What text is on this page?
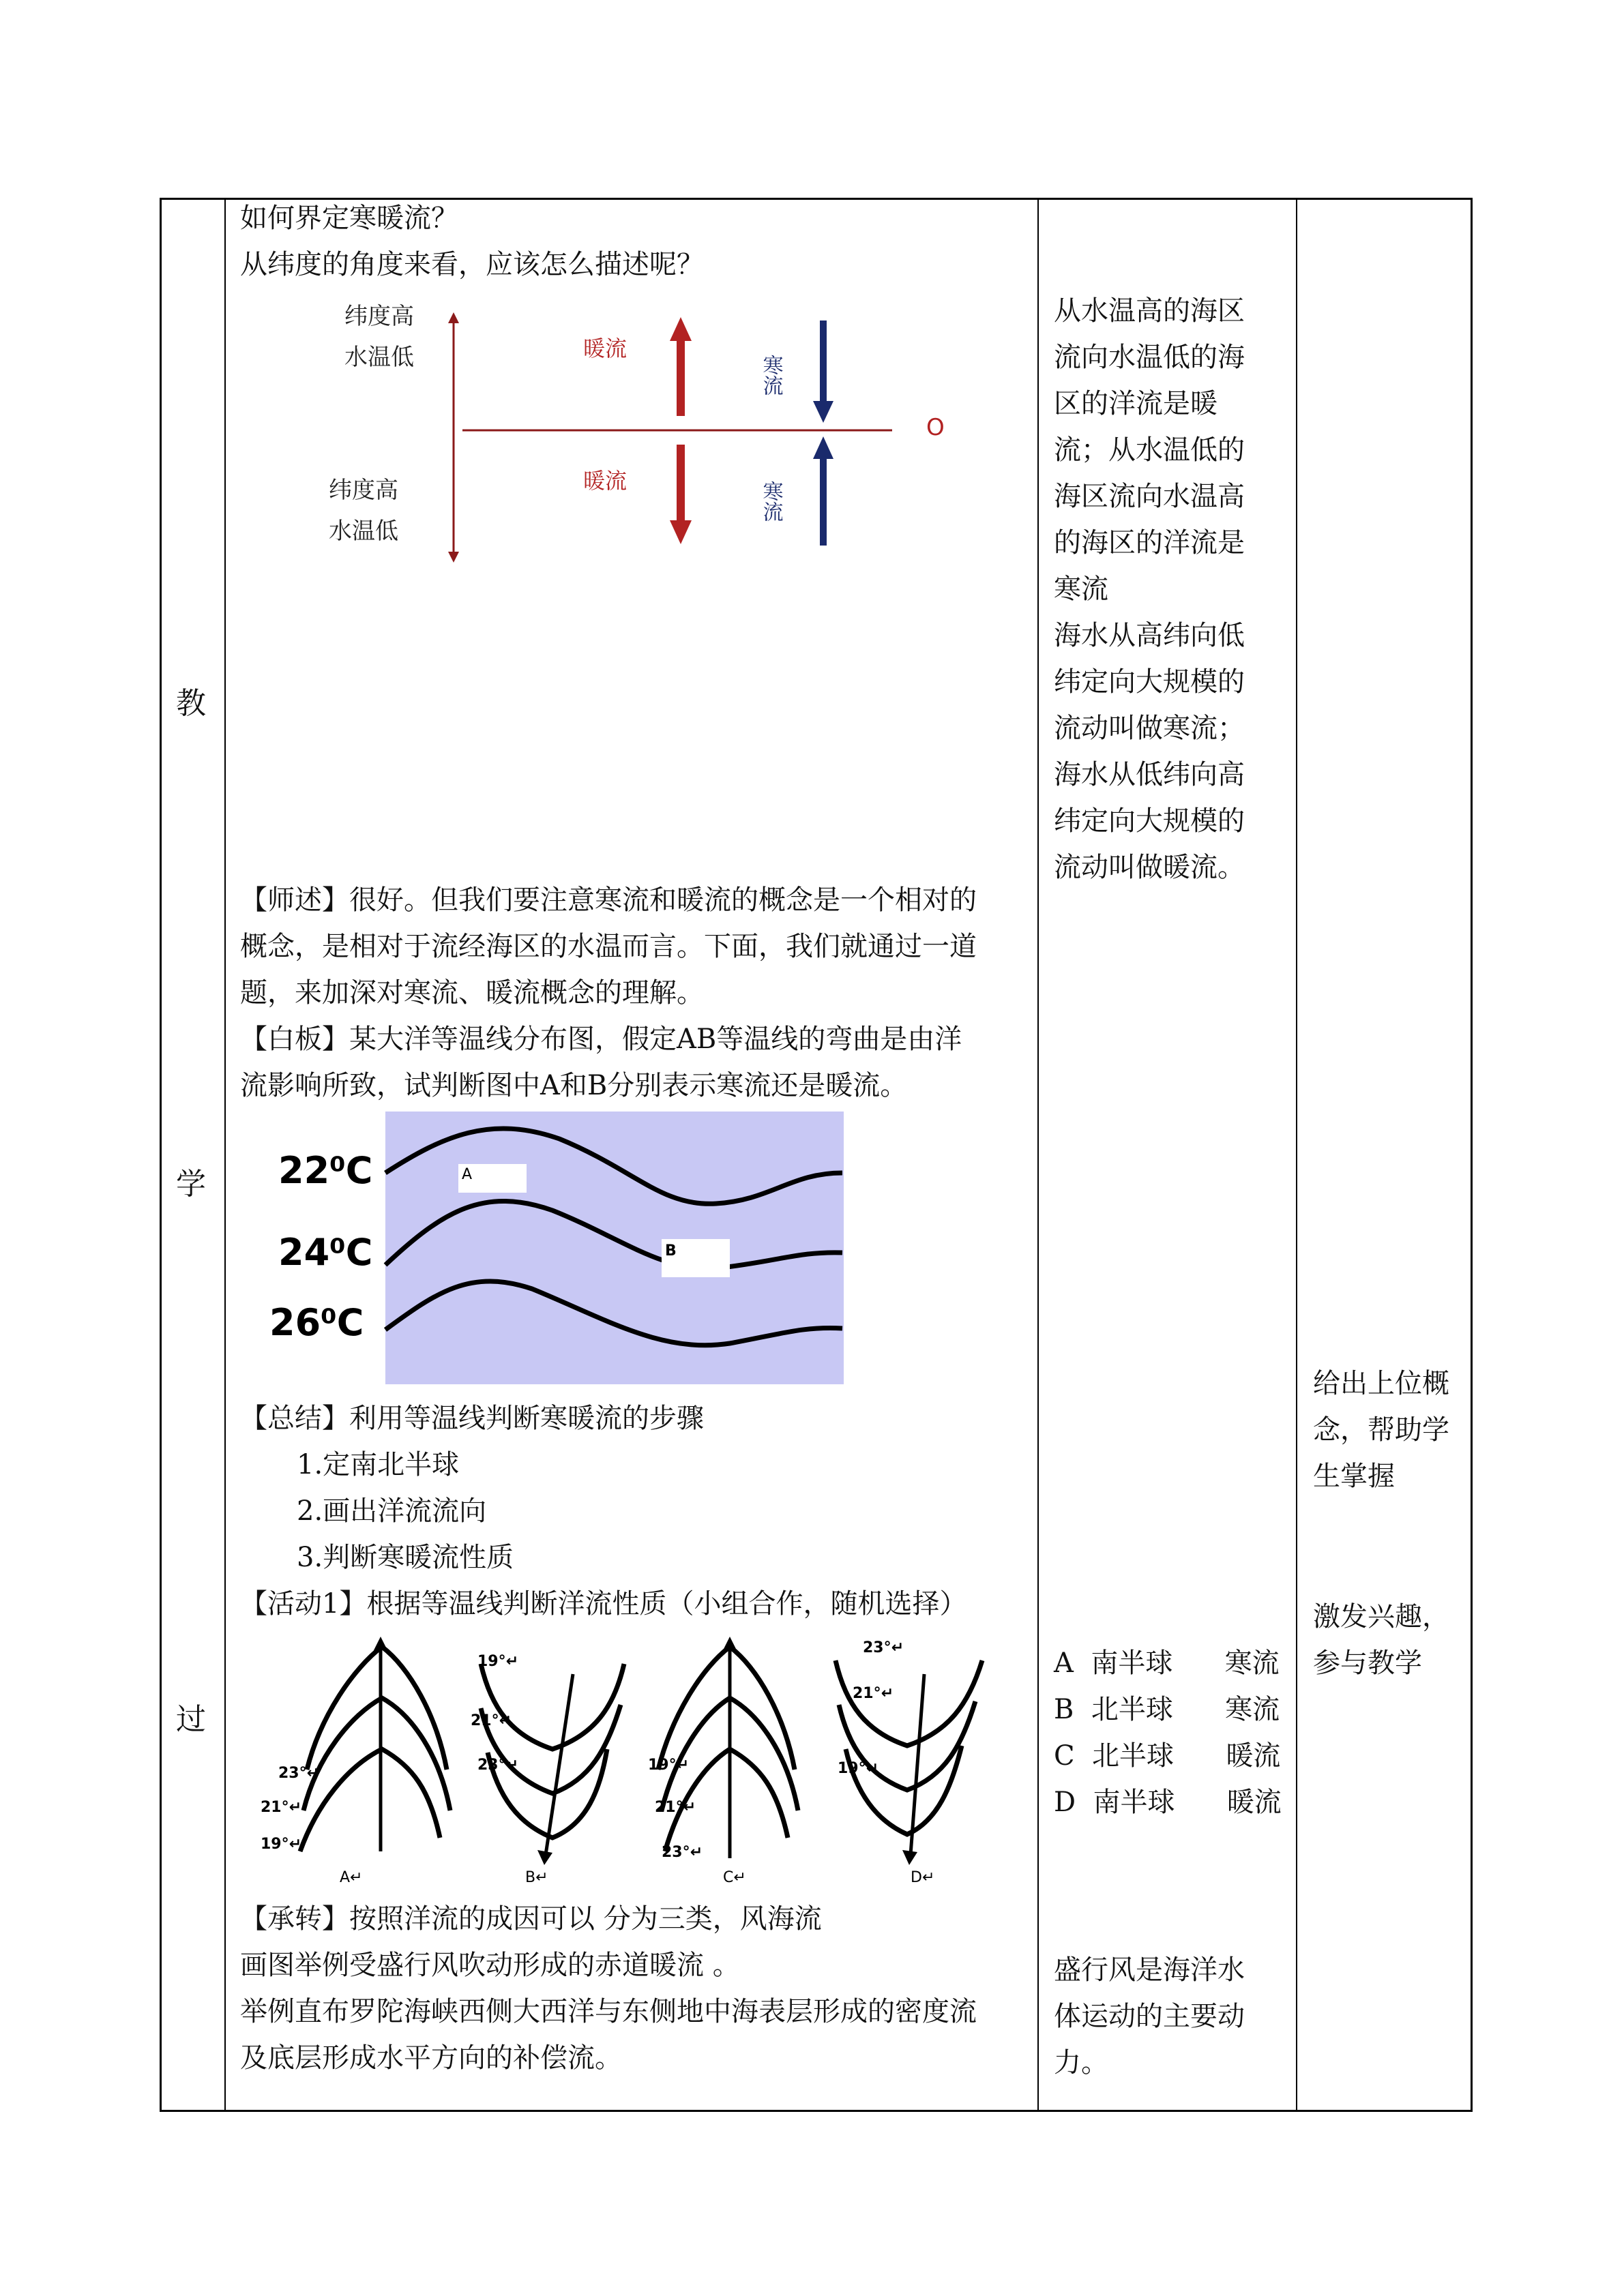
教
学
过
如何界定寒暖流？
从纬度的角度来看，应该怎么描述呢？
纬度高
水温低
纬度高
水温低
O
暖流
暖流
寒流
寒流
【师述】很好。但我们要注意寒流和暖流的概念是一个相对的
概念，是相对于流经海区的水温而言。下面，我们就通过一道
题，来加深对寒流、暖流概念的理解。
【白板】某大洋等温线分布图，假定AB等温线的弯曲是由洋
流影响所致，试判断图中A和B分别表示寒流还是暖流。
22⁰C
24⁰C
26⁰C
A
B
【总结】利用等温线判断寒暖流的步骤
1.定南北半球
2.画出洋流流向
3.判断寒暖流性质
【活动1】根据等温线判断洋流性质（小组合作，随机选择）
23°↵
21°↵
19°↵
A↵
19°↵
21°↵
23°↵
B↵
19°↵
21°↵
23°↵
C↵
23°↵
21°↵
19°↵
D↵
【承转】按照洋流的成因可以 分为三类，风海流
画图举例受盛行风吹动形成的赤道暖流 。
举例直布罗陀海峡西侧大西洋与东侧地中海表层形成的密度流
及底层形成水平方向的补偿流。
从水温高的海区
流向水温低的海
区的洋流是暖
流；从水温低的
海区流向水温高
的海区的洋流是
寒流
海水从高纬向低
纬定向大规模的
流动叫做寒流；
海水从低纬向高
纬定向大规模的
流动叫做暖流。
A  南半球      寒流
B  北半球      寒流
C  北半球      暖流
D  南半球      暖流
盛行风是海洋水
体运动的主要动
力。
给出上位概
念，帮助学
生掌握
激发兴趣，
参与教学
